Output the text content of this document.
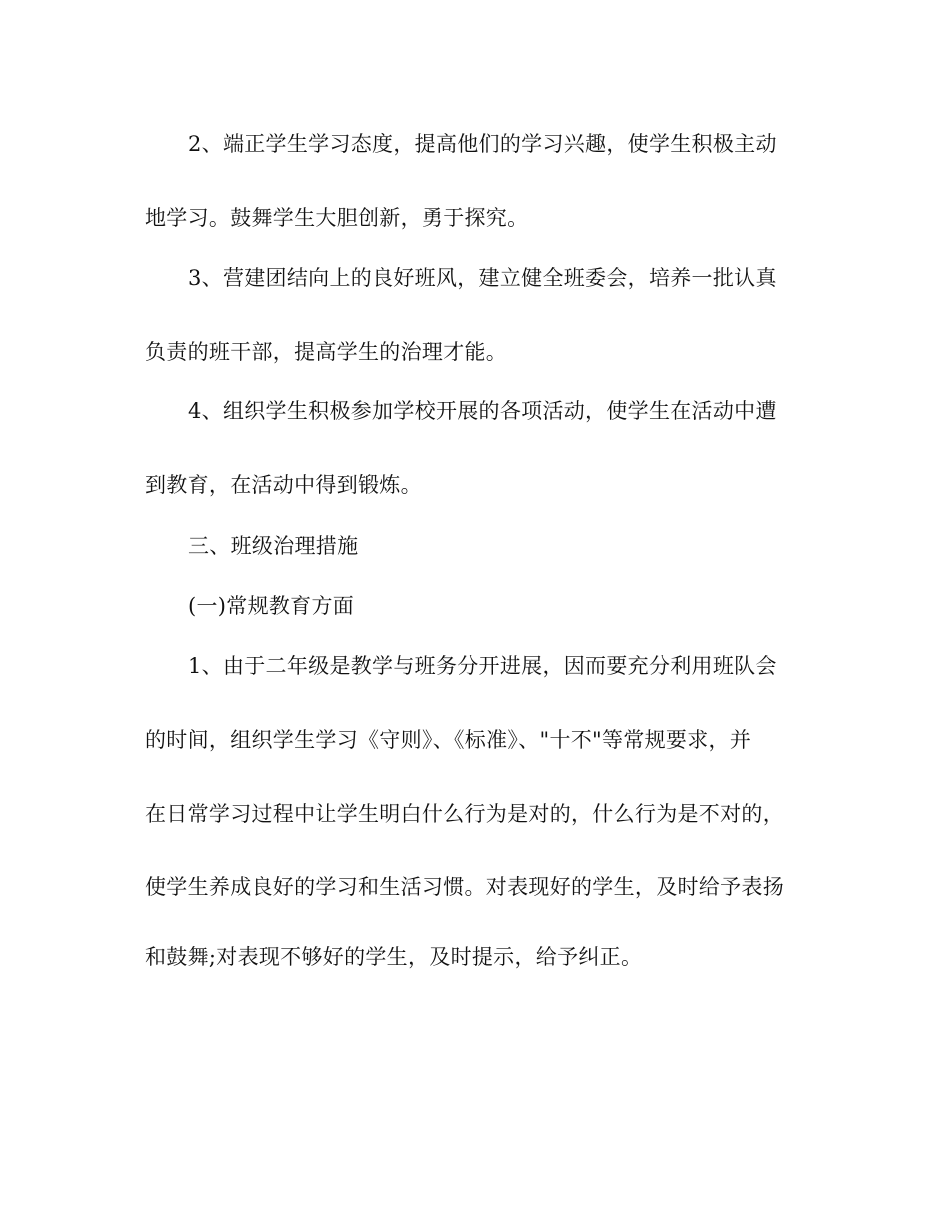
2、端正学生学习态度，提高他们的学习兴趣，使学生积极主动
地学习。鼓舞学生大胆创新，勇于探究。
3、营建团结向上的良好班风，建立健全班委会，培养一批认真
负责的班干部，提高学生的治理才能。
4、组织学生积极参加学校开展的各项活动，使学生在活动中遭
到教育，在活动中得到锻炼。
三、班级治理措施
(一)常规教育方面
1、由于二年级是教学与班务分开进展，因而要充分利用班队会
的时间，组织学生学习《守则》、《标准》、"十不"等常规要求，并
在日常学习过程中让学生明白什么行为是对的，什么行为是不对的，
使学生养成良好的学习和生活习惯。对表现好的学生，及时给予表扬
和鼓舞;对表现不够好的学生，及时提示，给予纠正。
